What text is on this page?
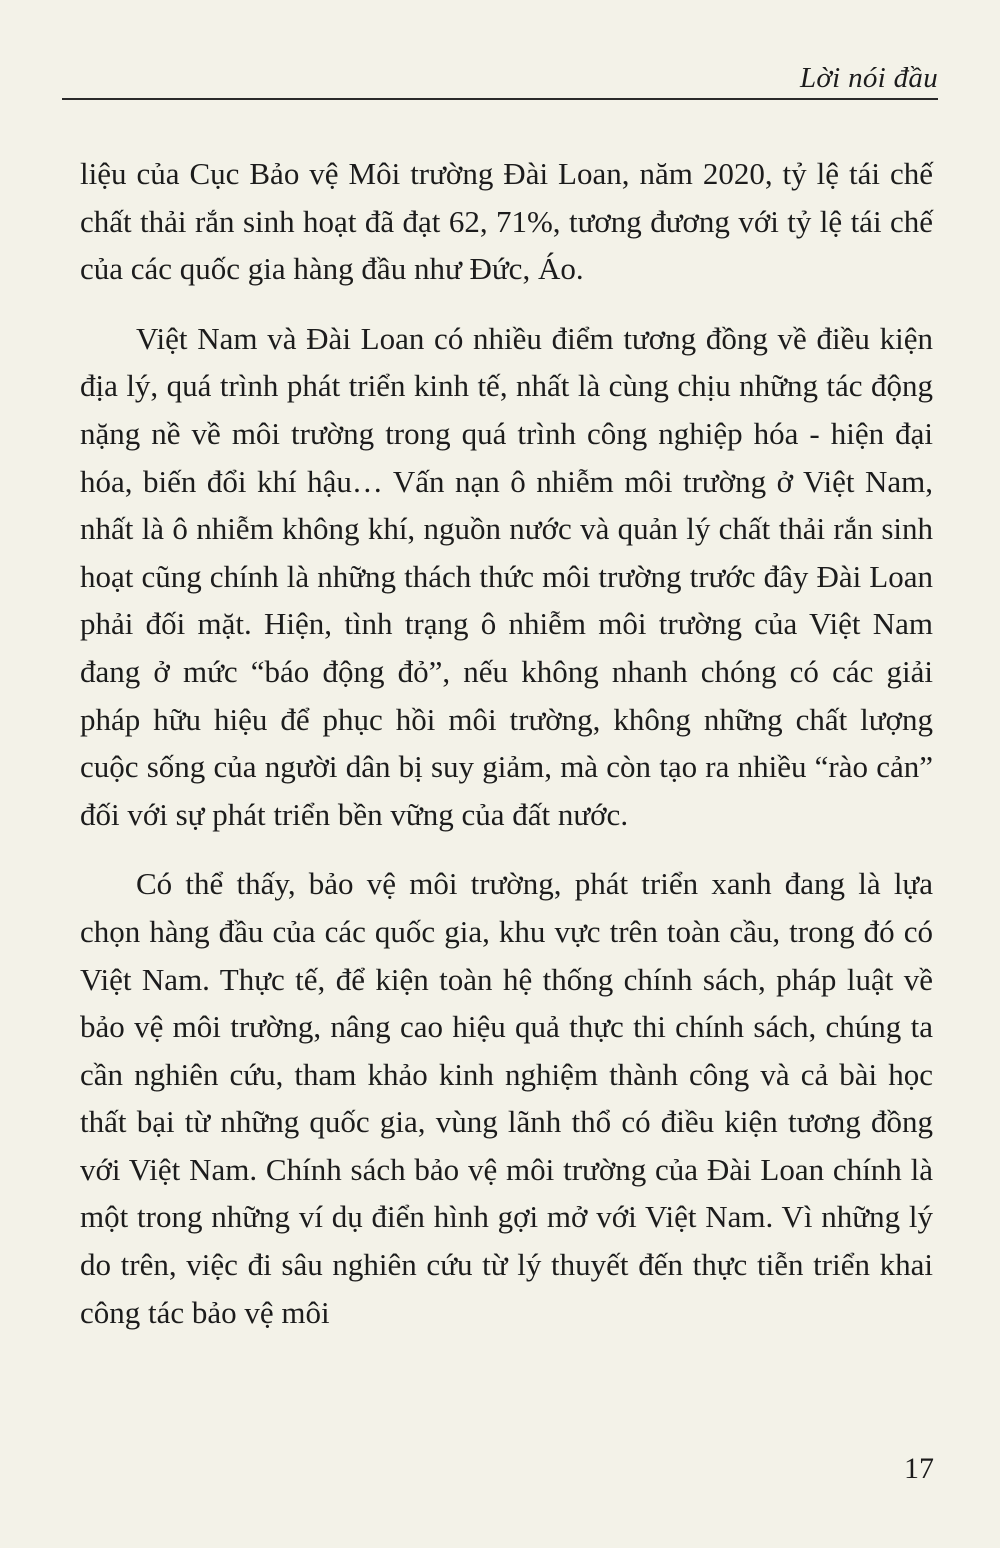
Lời nói đầu

liệu của Cục Bảo vệ Môi trường Đài Loan, năm 2020, tỷ lệ tái chế chất thải rắn sinh hoạt đã đạt 62, 71%, tương đương với tỷ lệ tái chế của các quốc gia hàng đầu như Đức, Áo.

Việt Nam và Đài Loan có nhiều điểm tương đồng về điều kiện địa lý, quá trình phát triển kinh tế, nhất là cùng chịu những tác động nặng nề về môi trường trong quá trình công nghiệp hóa - hiện đại hóa, biến đổi khí hậu… Vấn nạn ô nhiễm môi trường ở Việt Nam, nhất là ô nhiễm không khí, nguồn nước và quản lý chất thải rắn sinh hoạt cũng chính là những thách thức môi trường trước đây Đài Loan phải đối mặt. Hiện, tình trạng ô nhiễm môi trường của Việt Nam đang ở mức “báo động đỏ”, nếu không nhanh chóng có các giải pháp hữu hiệu để phục hồi môi trường, không những chất lượng cuộc sống của người dân bị suy giảm, mà còn tạo ra nhiều “rào cản” đối với sự phát triển bền vững của đất nước.

Có thể thấy, bảo vệ môi trường, phát triển xanh đang là lựa chọn hàng đầu của các quốc gia, khu vực trên toàn cầu, trong đó có Việt Nam. Thực tế, để kiện toàn hệ thống chính sách, pháp luật về bảo vệ môi trường, nâng cao hiệu quả thực thi chính sách, chúng ta cần nghiên cứu, tham khảo kinh nghiệm thành công và cả bài học thất bại từ những quốc gia, vùng lãnh thổ có điều kiện tương đồng với Việt Nam. Chính sách bảo vệ môi trường của Đài Loan chính là một trong những ví dụ điển hình gợi mở với Việt Nam. Vì những lý do trên, việc đi sâu nghiên cứu từ lý thuyết đến thực tiễn triển khai công tác bảo vệ môi

17
